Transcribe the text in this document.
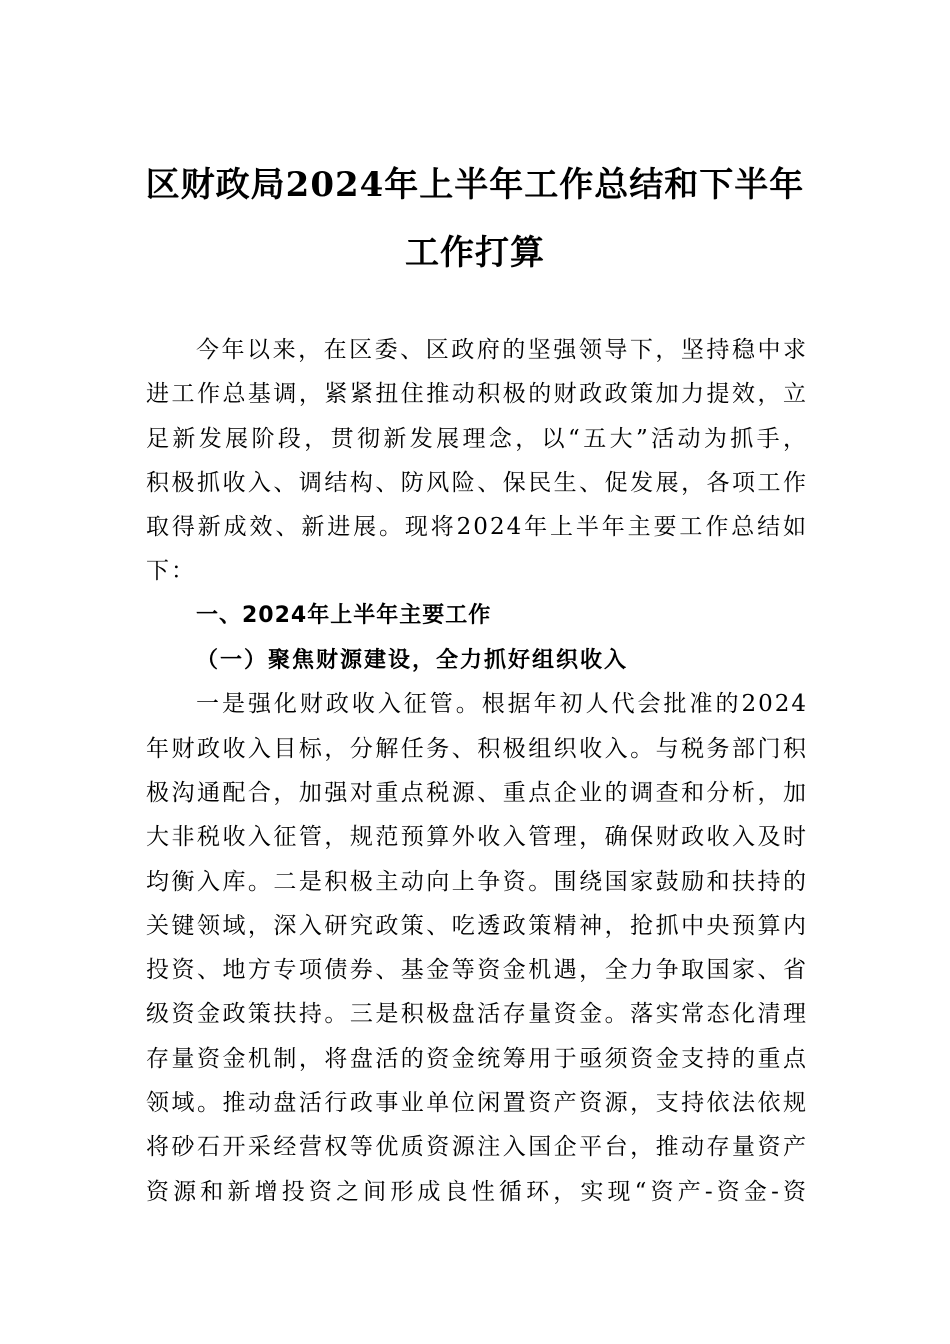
区财政局2024年上半年工作总结和下半年
工作打算
今年以来，在区委、区政府的坚强领导下，坚持稳中求
进工作总基调，紧紧扭住推动积极的财政政策加力提效，立
足新发展阶段，贯彻新发展理念，以“五大”活动为抓手，
积极抓收入、调结构、防风险、保民生、促发展，各项工作
取得新成效、新进展。现将2024年上半年主要工作总结如
下：
一、2024年上半年主要工作
（一）聚焦财源建设，全力抓好组织收入
一是强化财政收入征管。根据年初人代会批准的2024
年财政收入目标，分解任务、积极组织收入。与税务部门积
极沟通配合，加强对重点税源、重点企业的调查和分析，加
大非税收入征管，规范预算外收入管理，确保财政收入及时
均衡入库。二是积极主动向上争资。围绕国家鼓励和扶持的
关键领域，深入研究政策、吃透政策精神，抢抓中央预算内
投资、地方专项债券、基金等资金机遇，全力争取国家、省
级资金政策扶持。三是积极盘活存量资金。落实常态化清理
存量资金机制，将盘活的资金统筹用于亟须资金支持的重点
领域。推动盘活行政事业单位闲置资产资源，支持依法依规
将砂石开采经营权等优质资源注入国企平台，推动存量资产
资源和新增投资之间形成良性循环，实现“资产-资金-资
